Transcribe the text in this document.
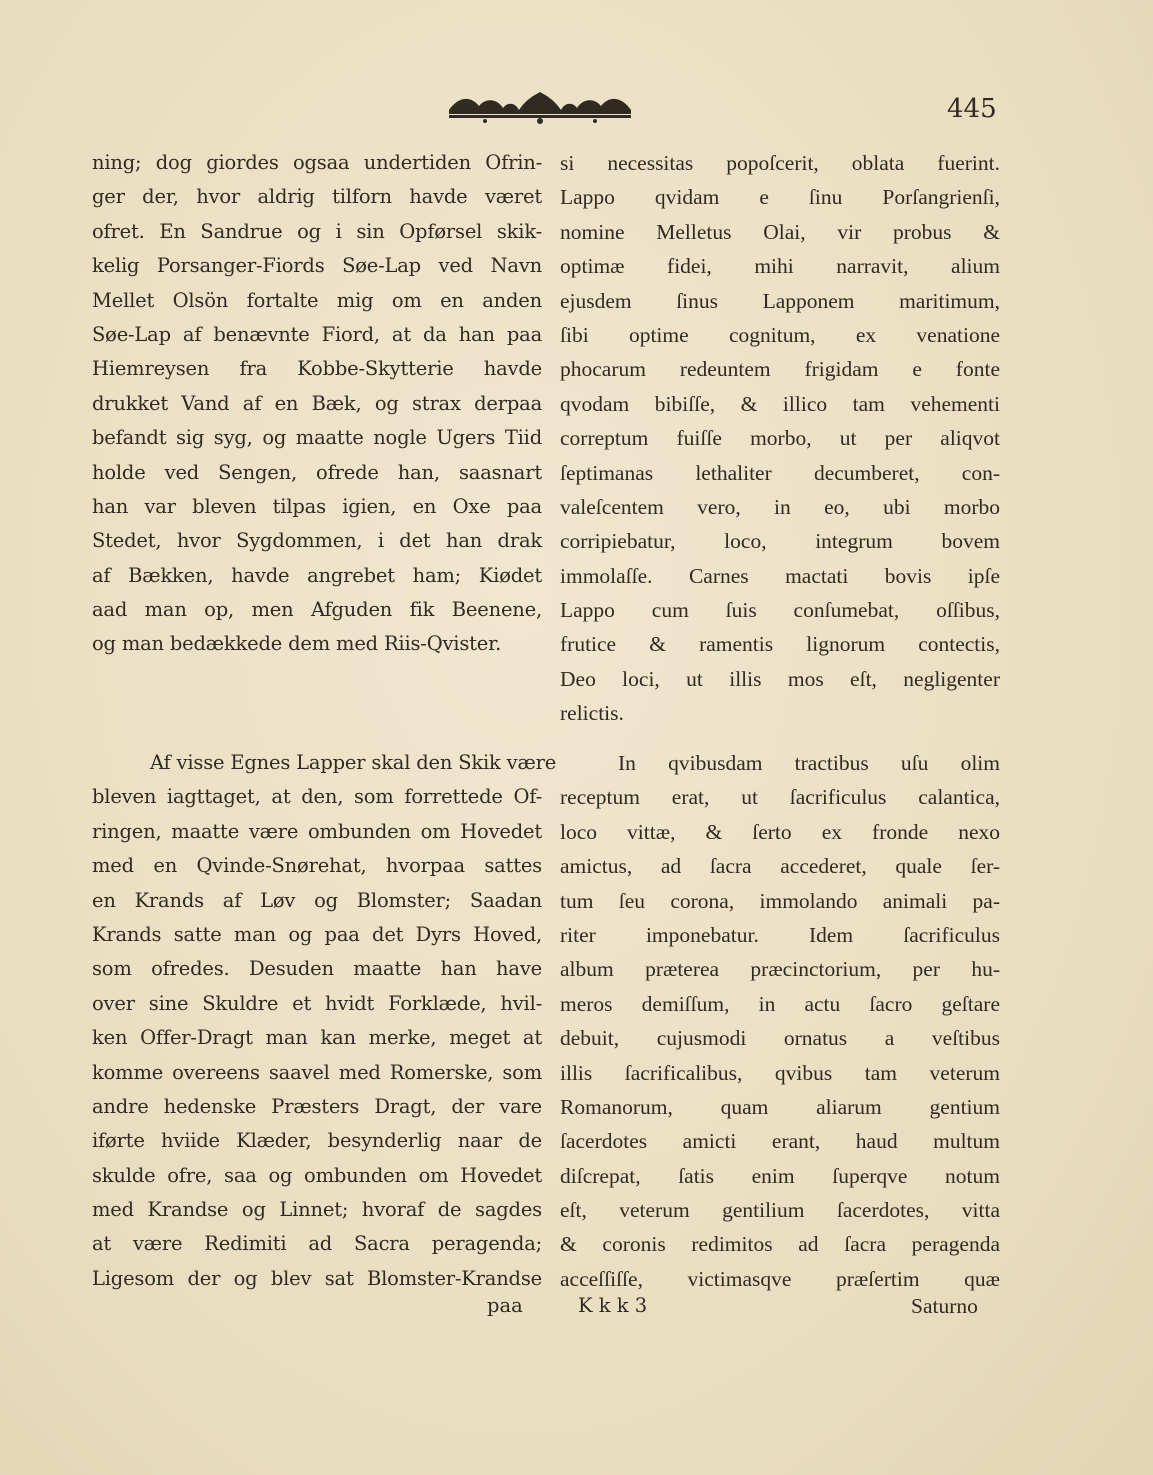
445
ning; dog giordes ogsaa undertiden Ofrin-
ger der, hvor aldrig tilforn havde været
ofret. En Sandrue og i sin Opførsel skik-
kelig Porsanger-Fiords Søe-Lap ved Navn
Mellet Olsön fortalte mig om en anden
Søe-Lap af benævnte Fiord, at da han paa
Hiemreysen fra Kobbe-Skytterie havde
drukket Vand af en Bæk, og strax derpaa
befandt sig syg, og maatte nogle Ugers Tiid
holde ved Sengen, ofrede han, saasnart
han var bleven tilpas igien, en Oxe paa
Stedet, hvor Sygdommen, i det han drak
af Bækken, havde angrebet ham; Kiødet
aad man op, men Afguden fik Beenene,
og man bedækkede dem med Riis-Qvister.
si necessitas popoſcerit, oblata fuerint.
Lappo qvidam e ſinu Porſangrienſi,
nomine Melletus Olai, vir probus &
optimæ fidei, mihi narravit, alium
ejusdem ſinus Lapponem maritimum,
ſibi optime cognitum, ex venatione
phocarum redeuntem frigidam e fonte
qvodam bibiſſe, & illico tam vehementi
correptum fuiſſe morbo, ut per aliqvot
ſeptimanas lethaliter decumberet, con-
valeſcentem vero, in eo, ubi morbo
corripiebatur, loco, integrum bovem
immolaſſe. Carnes mactati bovis ipſe
Lappo cum ſuis conſumebat, oſſibus,
frutice & ramentis lignorum contectis,
Deo loci, ut illis mos eſt, negligenter
relictis.
Af visse Egnes Lapper skal den Skik være
bleven iagttaget, at den, som forrettede Of-
ringen, maatte være ombunden om Hovedet
med en Qvinde-Snørehat, hvorpaa sattes
en Krands af Løv og Blomster; Saadan
Krands satte man og paa det Dyrs Hoved,
som ofredes. Desuden maatte han have
over sine Skuldre et hvidt Forklæde, hvil-
ken Offer-Dragt man kan merke, meget at
komme overeens saavel med Romerske, som
andre hedenske Præsters Dragt, der vare
iførte hviide Klæder, besynderlig naar de
skulde ofre, saa og ombunden om Hovedet
med Krandse og Linnet; hvoraf de sagdes
at være Redimiti ad Sacra peragenda;
Ligesom der og blev sat Blomster-Krandse
In qvibusdam tractibus uſu olim
receptum erat, ut ſacrificulus calantica,
loco vittæ, & ſerto ex fronde nexo
amictus, ad ſacra accederet, quale ſer-
tum ſeu corona, immolando animali pa-
riter imponebatur. Idem ſacrificulus
album præterea præcinctorium, per hu-
meros demiſſum, in actu ſacro geſtare
debuit, cujusmodi ornatus a veſtibus
illis ſacrificalibus, qvibus tam veterum
Romanorum, quam aliarum gentium
ſacerdotes amicti erant, haud multum
diſcrepat, ſatis enim ſuperqve notum
eſt, veterum gentilium ſacerdotes, vitta
& coronis redimitos ad ſacra peragenda
acceſſiſſe, victimasqve præſertim quæ
paa	K k k 3	Saturno
